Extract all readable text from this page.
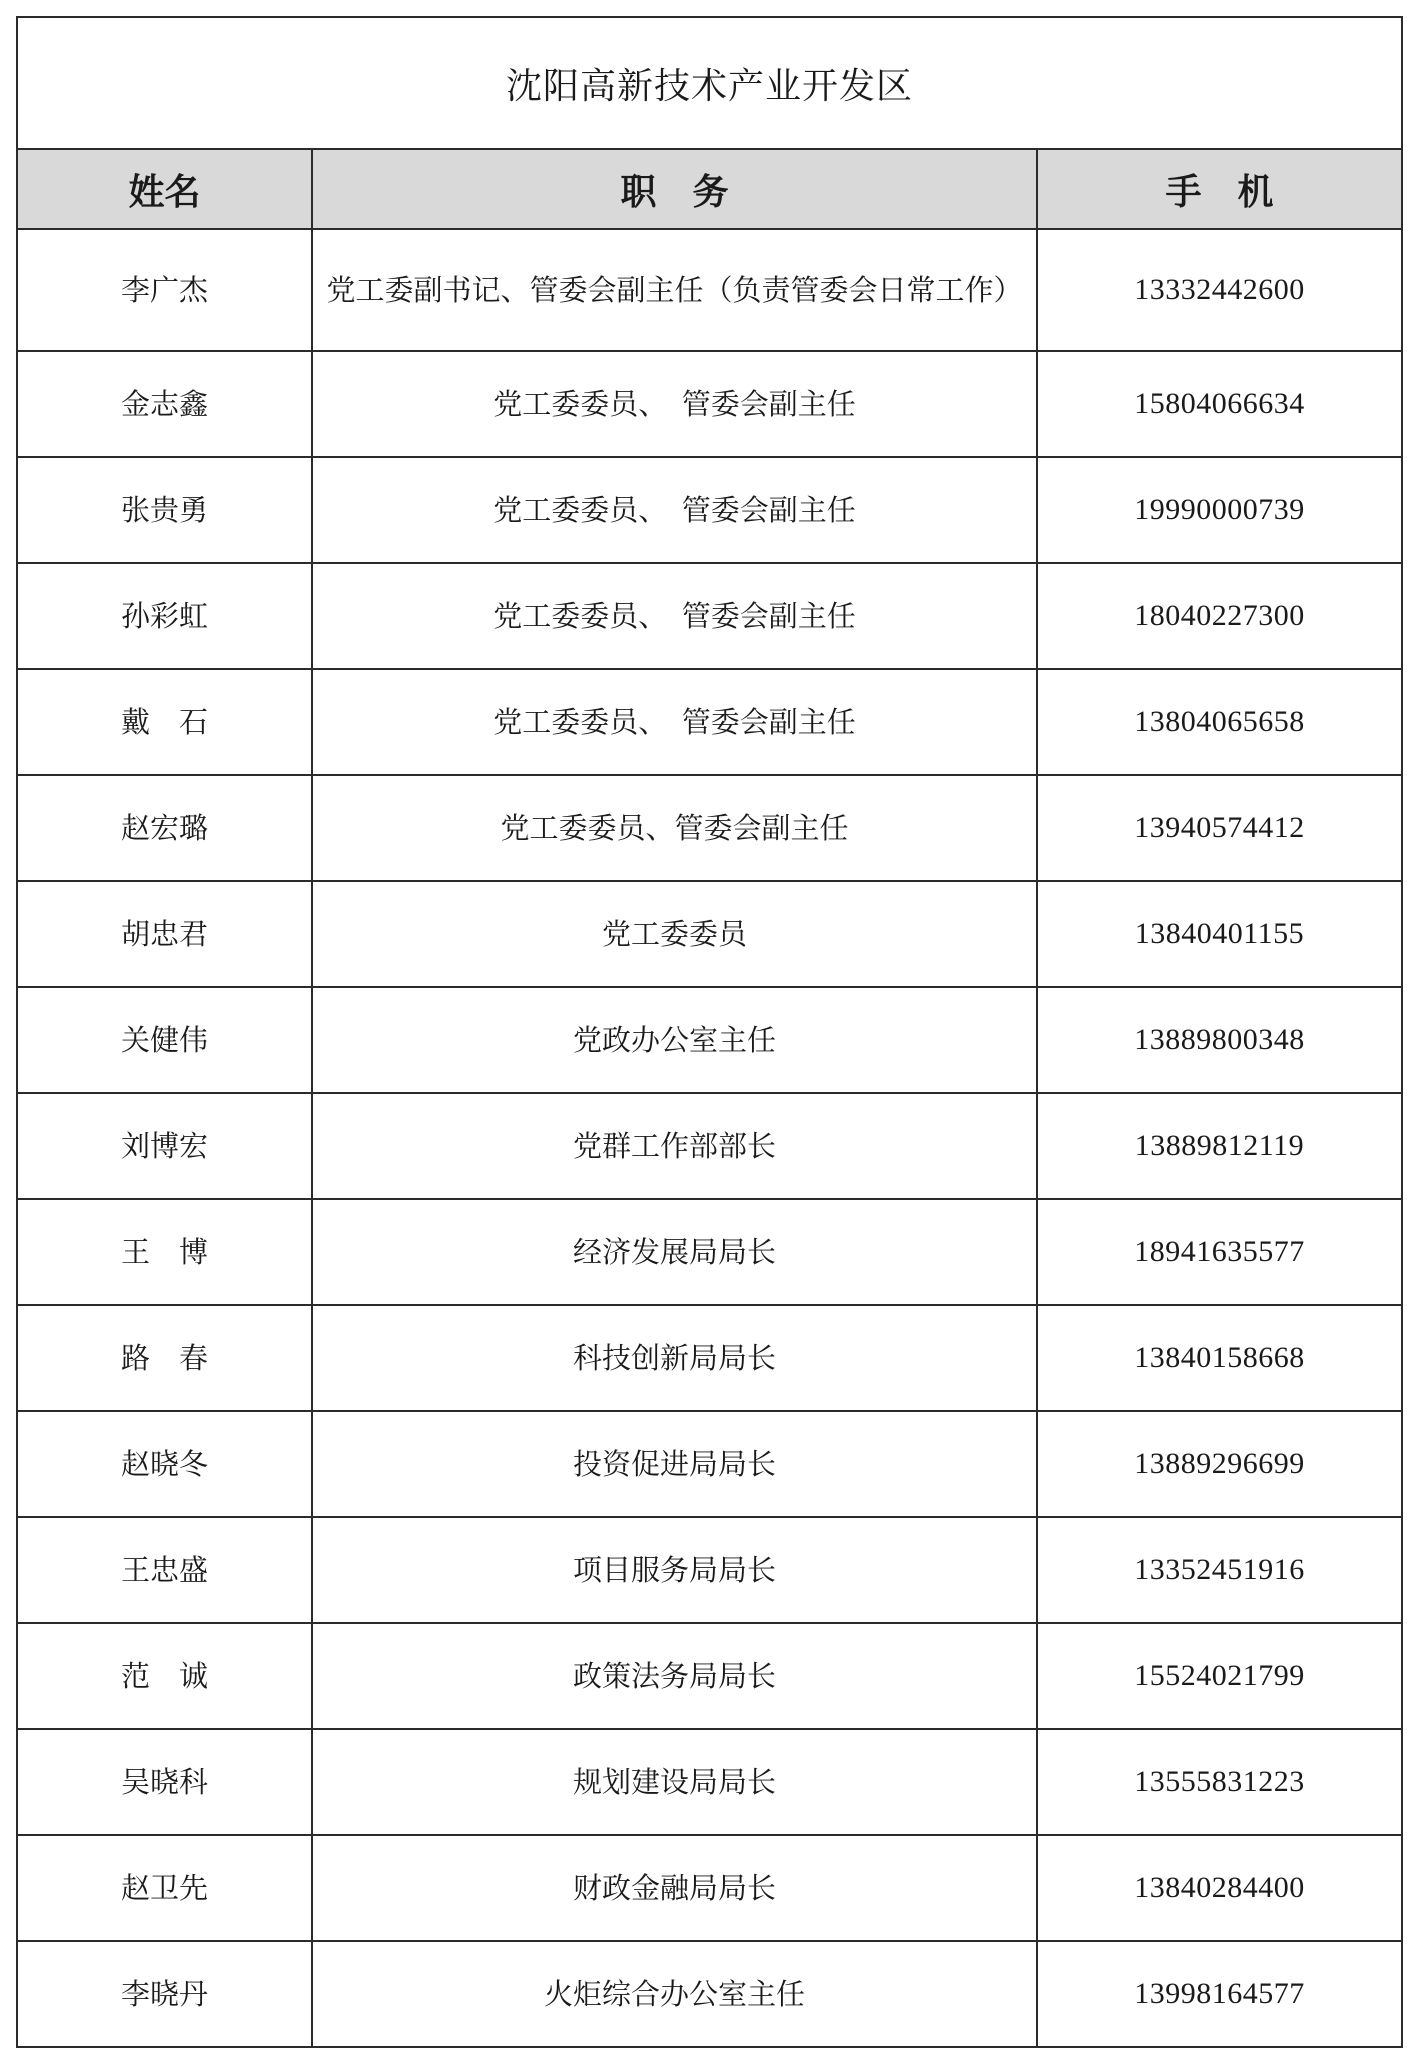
沈阳高新技术产业开发区		
姓名	职　务	手　机
李广杰	党工委副书记、管委会副主任（负责管委会日常工作）	13332442600
金志鑫	党工委委员、　管委会副主任	15804066634
张贵勇	党工委委员、　管委会副主任	19990000739
孙彩虹	党工委委员、　管委会副主任	18040227300
戴　石	党工委委员、　管委会副主任	13804065658
赵宏璐	党工委委员、管委会副主任	13940574412
胡忠君	党工委委员	13840401155
关健伟	党政办公室主任	13889800348
刘博宏	党群工作部部长	13889812119
王　博	经济发展局局长	18941635577
路　春	科技创新局局长	13840158668
赵晓冬	投资促进局局长	13889296699
王忠盛	项目服务局局长	13352451916
范　诚	政策法务局局长	15524021799
吴晓科	规划建设局局长	13555831223
赵卫先	财政金融局局长	13840284400
李晓丹	火炬综合办公室主任	13998164577
